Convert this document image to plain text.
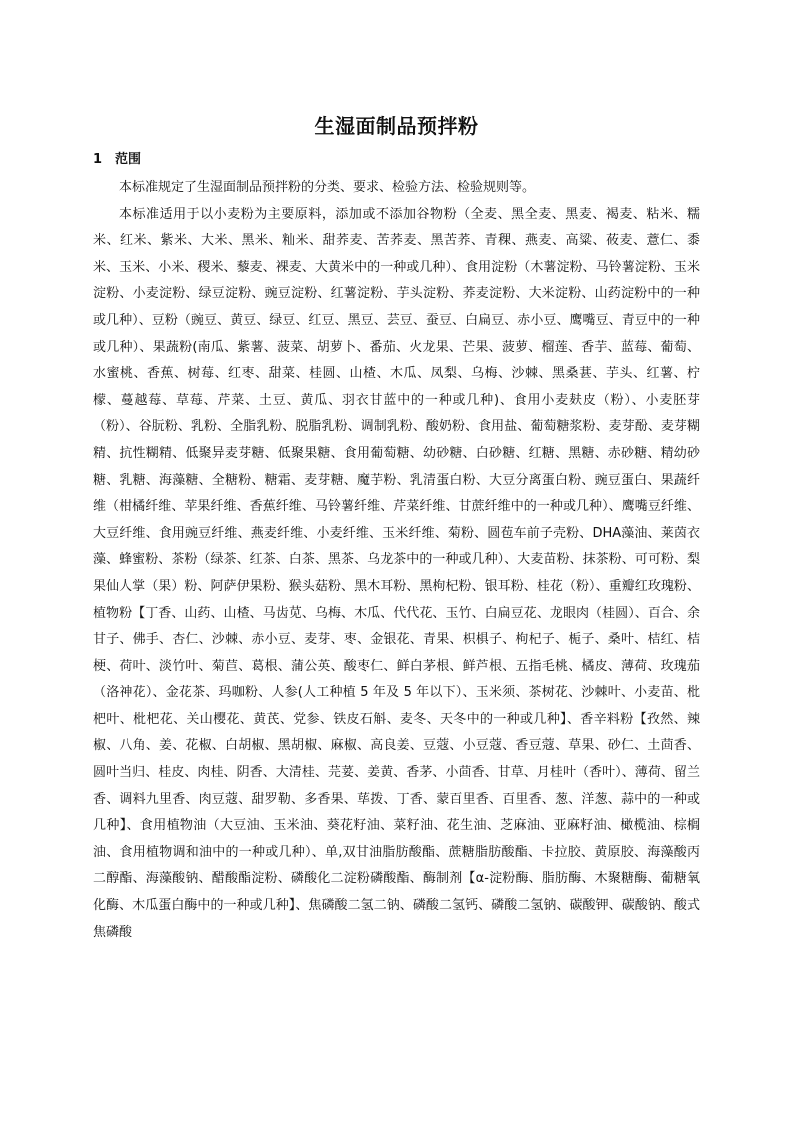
生湿面制品预拌粉
1 范围

本标准规定了生湿面制品预拌粉的分类、要求、检验方法、检验规则等。

本标准适用于以小麦粉为主要原料，添加或不添加谷物粉（全麦、黑全麦、黑麦、褐麦、粘米、糯米、红米、紫米、大米、黑米、籼米、甜荞麦、苦荞麦、黑苦荞、青稞、燕麦、高粱、莜麦、薏仁、黍米、玉米、小米、稷米、藜麦、裸麦、大黄米中的一种或几种）、食用淀粉（木薯淀粉、马铃薯淀粉、玉米淀粉、小麦淀粉、绿豆淀粉、豌豆淀粉、红薯淀粉、芋头淀粉、荞麦淀粉、大米淀粉、山药淀粉中的一种或几种）、豆粉（豌豆、黄豆、绿豆、红豆、黑豆、芸豆、蚕豆、白扁豆、赤小豆、鹰嘴豆、青豆中的一种或几种）、果蔬粉(南瓜、紫薯、菠菜、胡萝卜、番茄、火龙果、芒果、菠萝、榴莲、香芋、蓝莓、葡萄、水蜜桃、香蕉、树莓、红枣、甜菜、桂圆、山楂、木瓜、凤梨、乌梅、沙棘、黑桑葚、芋头、红薯、柠檬、蔓越莓、草莓、芹菜、土豆、黄瓜、羽衣甘蓝中的一种或几种)、食用小麦麸皮（粉）、小麦胚芽（粉）、谷朊粉、乳粉、全脂乳粉、脱脂乳粉、调制乳粉、酸奶粉、食用盐、葡萄糖浆粉、麦芽酚、麦芽糊精、抗性糊精、低聚异麦芽糖、低聚果糖、食用葡萄糖、幼砂糖、白砂糖、红糖、黑糖、赤砂糖、精幼砂糖、乳糖、海藻糖、全糖粉、糖霜、麦芽糖、魔芋粉、乳清蛋白粉、大豆分离蛋白粉、豌豆蛋白、果蔬纤维（柑橘纤维、苹果纤维、香蕉纤维、马铃薯纤维、芹菜纤维、甘蔗纤维中的一种或几种）、鹰嘴豆纤维、大豆纤维、食用豌豆纤维、燕麦纤维、小麦纤维、玉米纤维、菊粉、圆苞车前子壳粉、DHA藻油、莱茵衣藻、蜂蜜粉、茶粉（绿茶、红茶、白茶、黑茶、乌龙茶中的一种或几种）、大麦苗粉、抹茶粉、可可粉、梨果仙人掌（果）粉、阿萨伊果粉、猴头菇粉、黑木耳粉、黑枸杞粉、银耳粉、桂花（粉）、重瓣红玫瑰粉、植物粉【丁香、山药、山楂、马齿苋、乌梅、木瓜、代代花、玉竹、白扁豆花、龙眼肉（桂圆）、百合、余甘子、佛手、杏仁、沙棘、赤小豆、麦芽、枣、金银花、青果、枳椇子、枸杞子、栀子、桑叶、桔红、桔梗、荷叶、淡竹叶、菊苣、葛根、蒲公英、酸枣仁、鲜白茅根、鲜芦根、五指毛桃、橘皮、薄荷、玫瑰茄（洛神花）、金花茶、玛咖粉、人参(人工种植 5 年及 5 年以下）、玉米须、茶树花、沙棘叶、小麦苗、枇杷叶、枇杷花、关山樱花、黄芪、党参、铁皮石斛、麦冬、天冬中的一种或几种】、香辛料粉【孜然、辣椒、八角、姜、花椒、白胡椒、黑胡椒、麻椒、高良姜、豆蔻、小豆蔻、香豆蔻、草果、砂仁、土茴香、圆叶当归、桂皮、肉桂、阴香、大清桂、芫荽、姜黄、香茅、小茴香、甘草、月桂叶（香叶）、薄荷、留兰香、调料九里香、肉豆蔻、甜罗勒、多香果、荜拨、丁香、蒙百里香、百里香、葱、洋葱、蒜中的一种或几种】、食用植物油（大豆油、玉米油、葵花籽油、菜籽油、花生油、芝麻油、亚麻籽油、橄榄油、棕榈油、食用植物调和油中的一种或几种）、单,双甘油脂肪酸酯、蔗糖脂肪酸酯、卡拉胶、黄原胶、海藻酸丙二醇酯、海藻酸钠、醋酸酯淀粉、磷酸化二淀粉磷酸酯、酶制剂【α-淀粉酶、脂肪酶、木聚糖酶、葡糖氧化酶、木瓜蛋白酶中的一种或几种】、焦磷酸二氢二钠、磷酸二氢钙、磷酸二氢钠、碳酸钾、碳酸钠、酸式焦磷酸
